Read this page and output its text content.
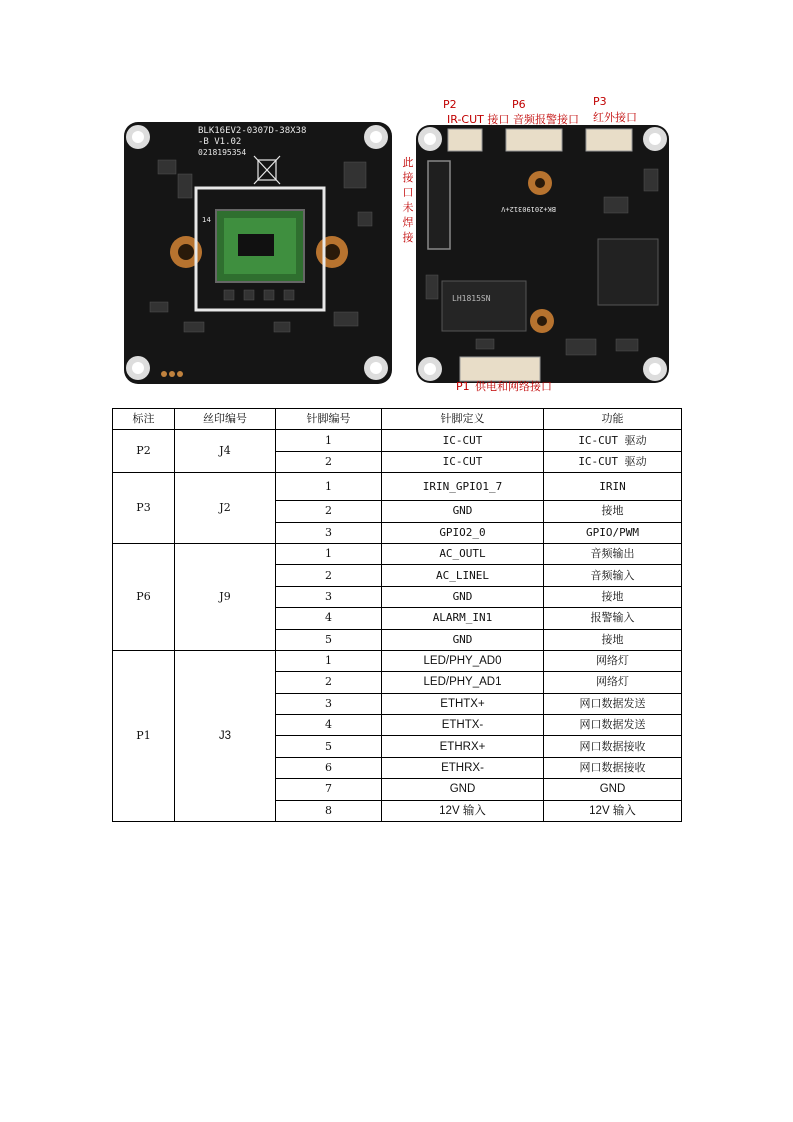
BLK16EV2-0307D-38X38
-B V1.02
0218195354
14
LH1815SN
BK+20190312+V
P2
IR-CUT 接口
P6
音频报警接口
P3
红外接口
此
接
口
未
焊
接
P1 供电和网络接口
标注	丝印编号	针脚编号	针脚定义	功能
P2	J4	1	IC-CUT	IC-CUT 驱动
		2	IC-CUT	IC-CUT 驱动
P3	J2	1	IRIN_GPIO1_7	IRIN
		2	GND	接地
		3	GPIO2_0	GPIO/PWM
P6	J9	1	AC_OUTL	音频输出
		2	AC_LINEL	音频输入
		3	GND	接地
		4	ALARM_IN1	报警输入
		5	GND	接地
P1	J3	1	LED/PHY_AD0	网络灯
		2	LED/PHY_AD1	网络灯
		3	ETHTX+	网口数据发送
		4	ETHTX-	网口数据发送
		5	ETHRX+	网口数据接收
		6	ETHRX-	网口数据接收
		7	GND	GND
		8	12V 输入	12V 输入
